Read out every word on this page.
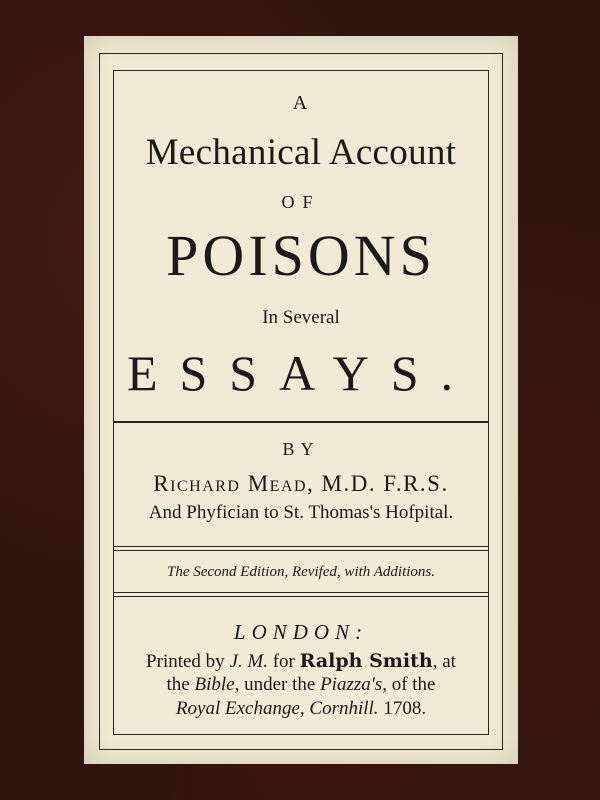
A
Mechanical Account
OF
POISONS
In Several
ESSAYS.
BY
Richard Mead, M.D. F.R.S.
And Phyfician to St. Thomas's Hofpital.
The Second Edition, Revifed, with Additions.
LONDON:
Printed by J. M. for Ralph Smith, at
the Bible, under the Piazza's, of the
Royal Exchange, Cornhill. 1708.
